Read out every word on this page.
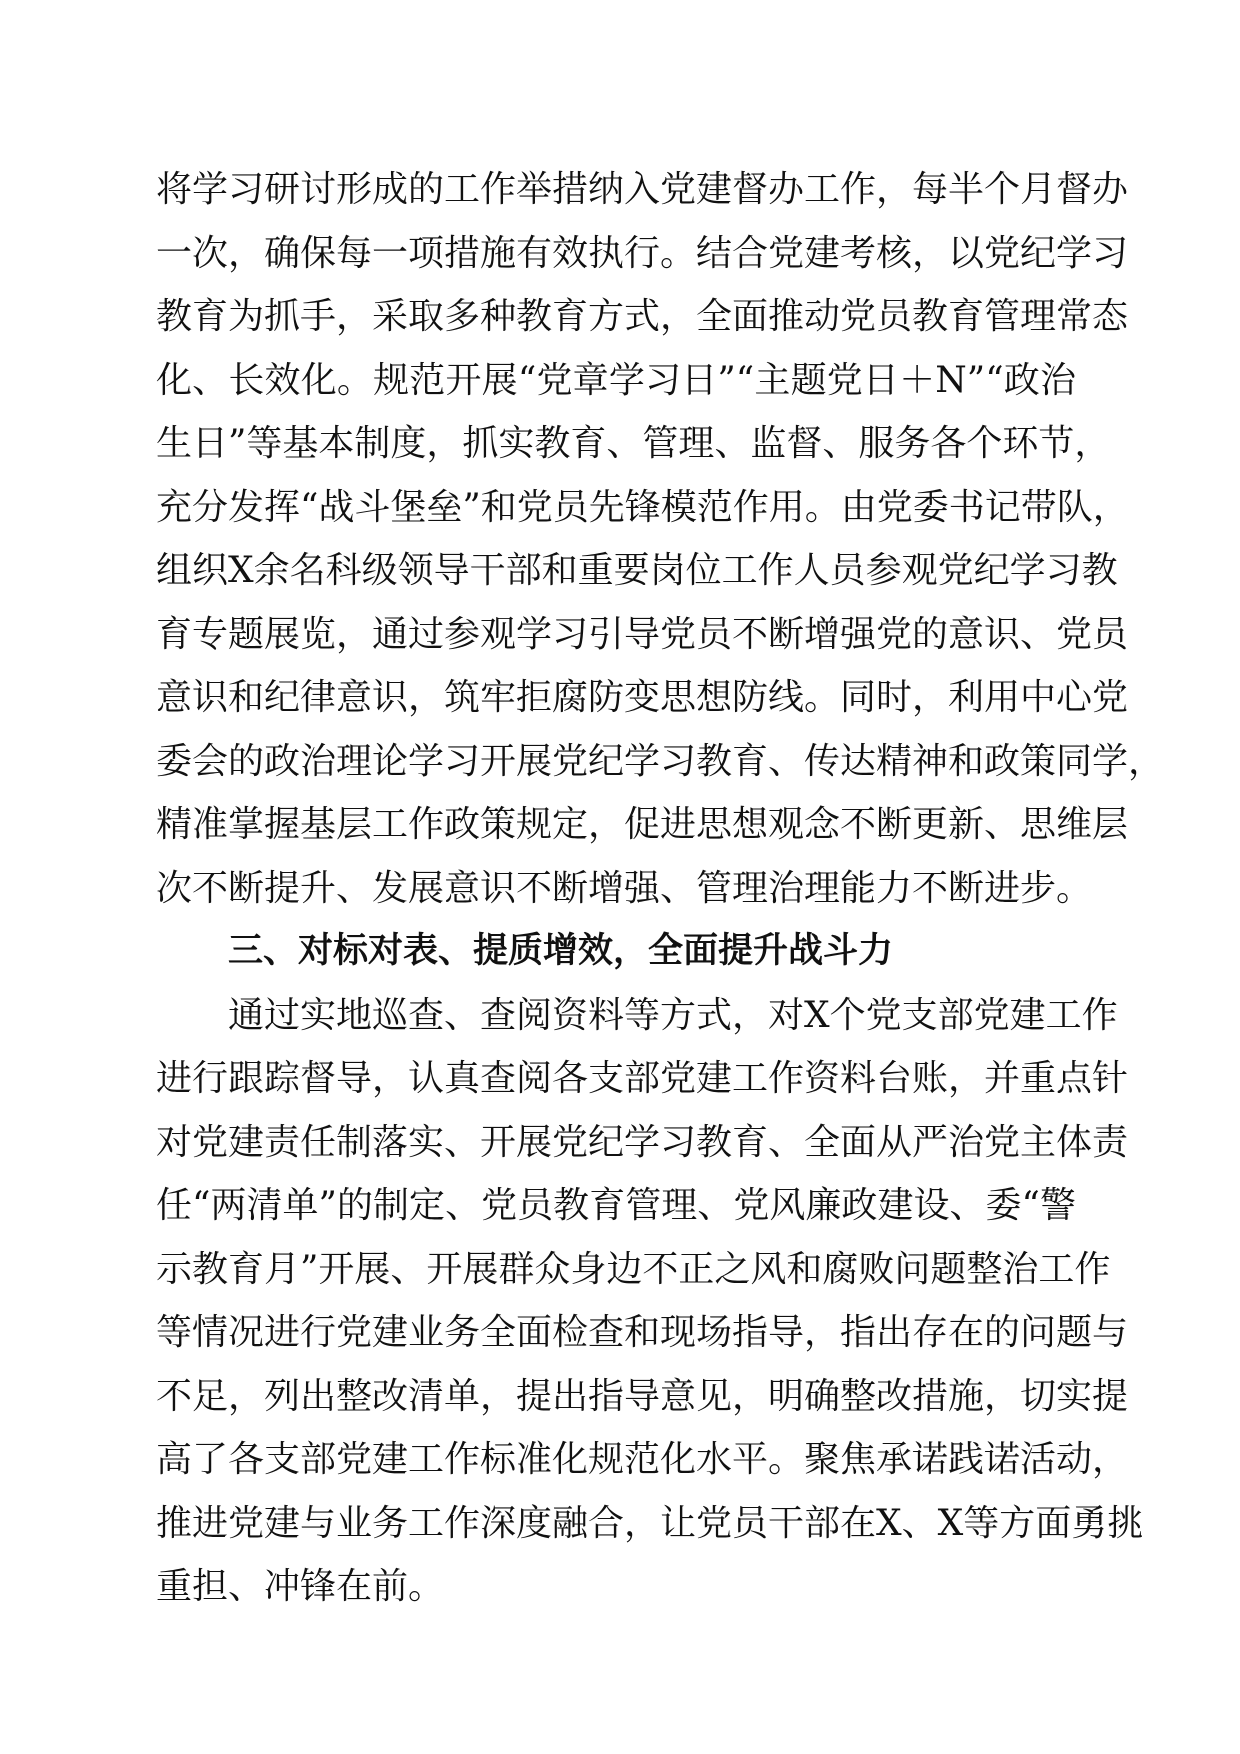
将学习研讨形成的工作举措纳入党建督办工作，每半个月督办
一次，确保每一项措施有效执行。结合党建考核，以党纪学习
教育为抓手，采取多种教育方式，全面推动党员教育管理常态
化、长效化。规范开展“党章学习日”“主题党日＋N”“政治
生日”等基本制度，抓实教育、管理、监督、服务各个环节，
充分发挥“战斗堡垒”和党员先锋模范作用。由党委书记带队，
组织X余名科级领导干部和重要岗位工作人员参观党纪学习教
育专题展览，通过参观学习引导党员不断增强党的意识、党员
意识和纪律意识，筑牢拒腐防变思想防线。同时，利用中心党
委会的政治理论学习开展党纪学习教育、传达精神和政策同学，
精准掌握基层工作政策规定，促进思想观念不断更新、思维层
次不断提升、发展意识不断增强、管理治理能力不断进步。
三、对标对表、提质增效，全面提升战斗力
通过实地巡查、查阅资料等方式，对X个党支部党建工作
进行跟踪督导，认真查阅各支部党建工作资料台账，并重点针
对党建责任制落实、开展党纪学习教育、全面从严治党主体责
任“两清单”的制定、党员教育管理、党风廉政建设、委“警
示教育月”开展、开展群众身边不正之风和腐败问题整治工作
等情况进行党建业务全面检查和现场指导，指出存在的问题与
不足，列出整改清单，提出指导意见，明确整改措施，切实提
高了各支部党建工作标准化规范化水平。聚焦承诺践诺活动，
推进党建与业务工作深度融合，让党员干部在X、X等方面勇挑
重担、冲锋在前。
